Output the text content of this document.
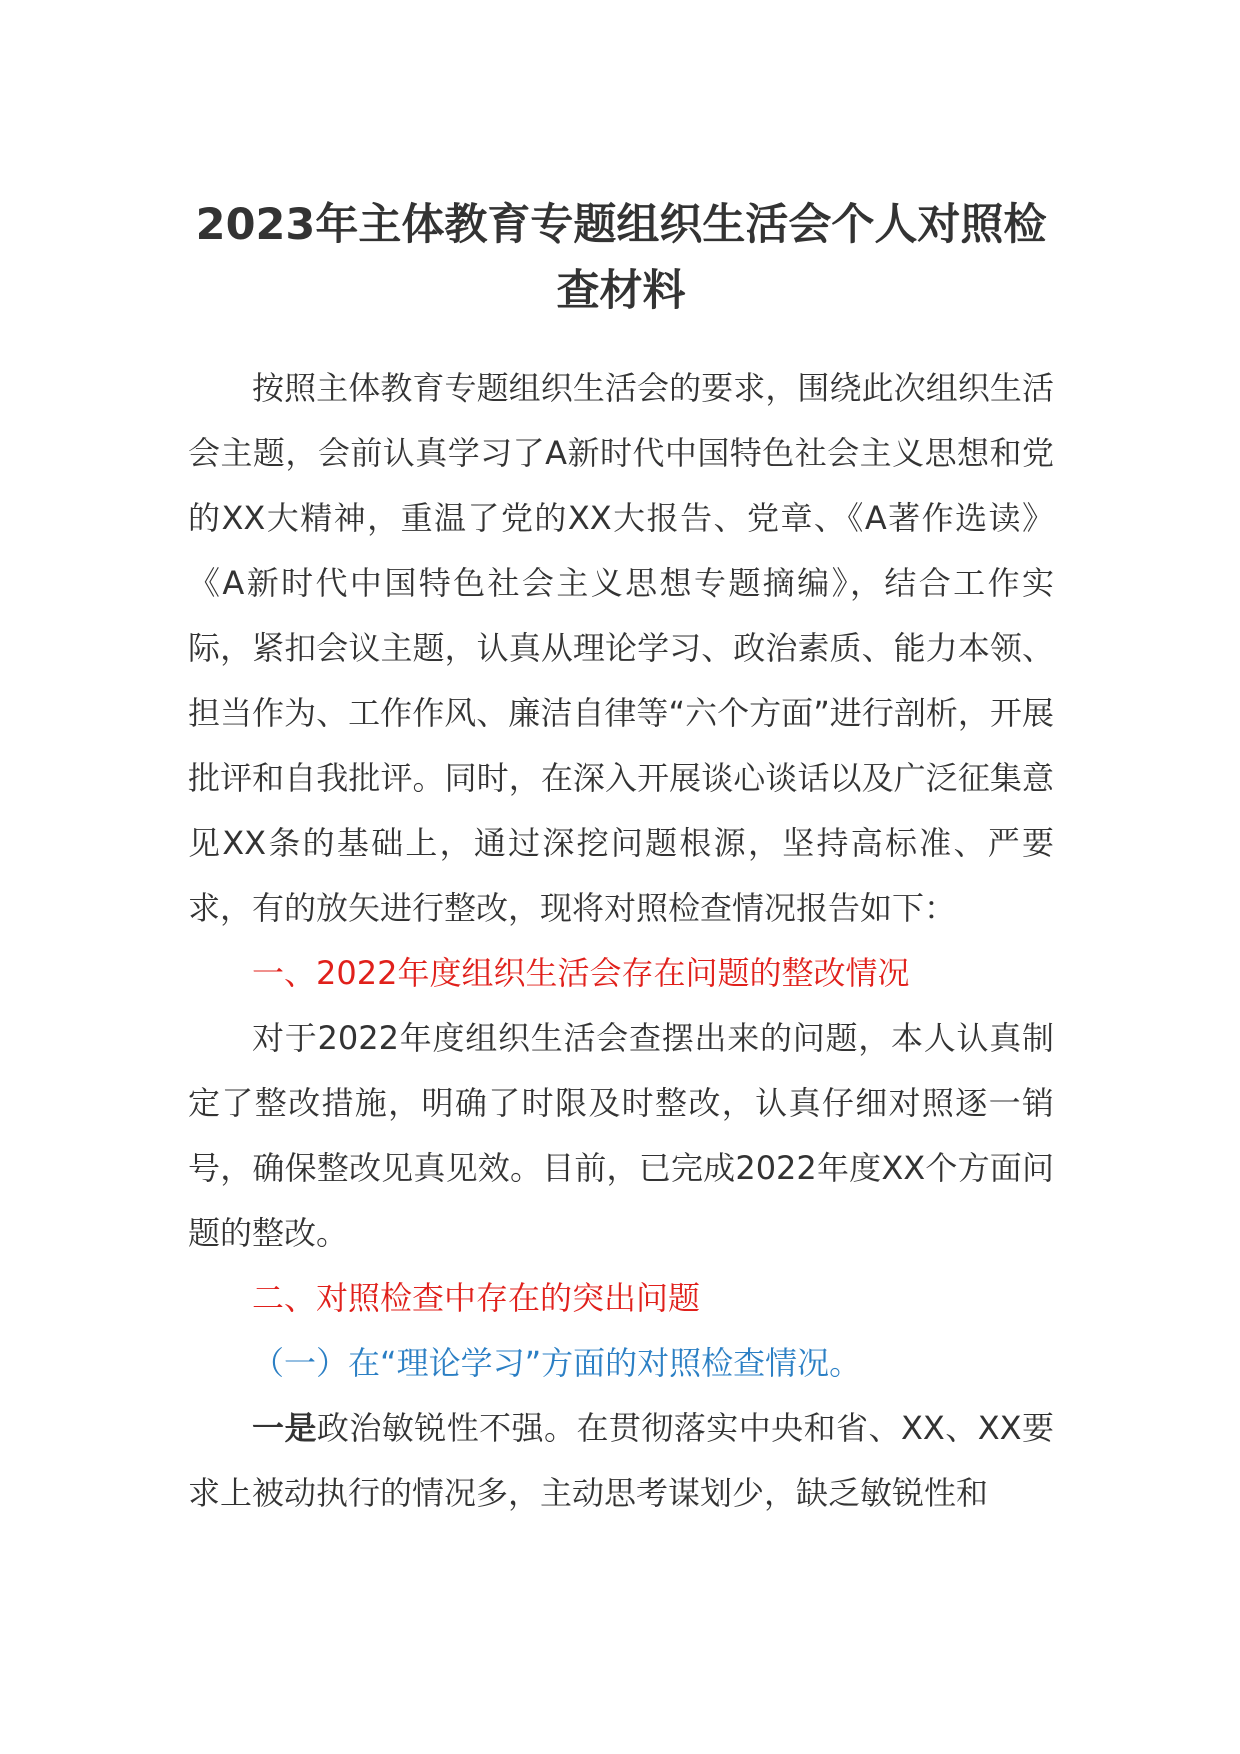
2023年主体教育专题组织生活会个人对照检查材料

按照主体教育专题组织生活会的要求，围绕此次组织生活会主题，会前认真学习了A新时代中国特色社会主义思想和党的XX大精神，重温了党的XX大报告、党章、《A著作选读》《A新时代中国特色社会主义思想专题摘编》，结合工作实际，紧扣会议主题，认真从理论学习、政治素质、能力本领、担当作为、工作作风、廉洁自律等“六个方面”进行剖析，开展批评和自我批评。同时，在深入开展谈心谈话以及广泛征集意见XX条的基础上，通过深挖问题根源，坚持高标准、严要求，有的放矢进行整改，现将对照检查情况报告如下：

一、2022年度组织生活会存在问题的整改情况

对于2022年度组织生活会查摆出来的问题，本人认真制定了整改措施，明确了时限及时整改，认真仔细对照逐一销号，确保整改见真见效。目前，已完成2022年度XX个方面问题的整改。

二、对照检查中存在的突出问题

（一）在“理论学习”方面的对照检查情况。

一是政治敏锐性不强。在贯彻落实中央和省、XX、XX要求上被动执行的情况多，主动思考谋划少，缺乏敏锐性和
